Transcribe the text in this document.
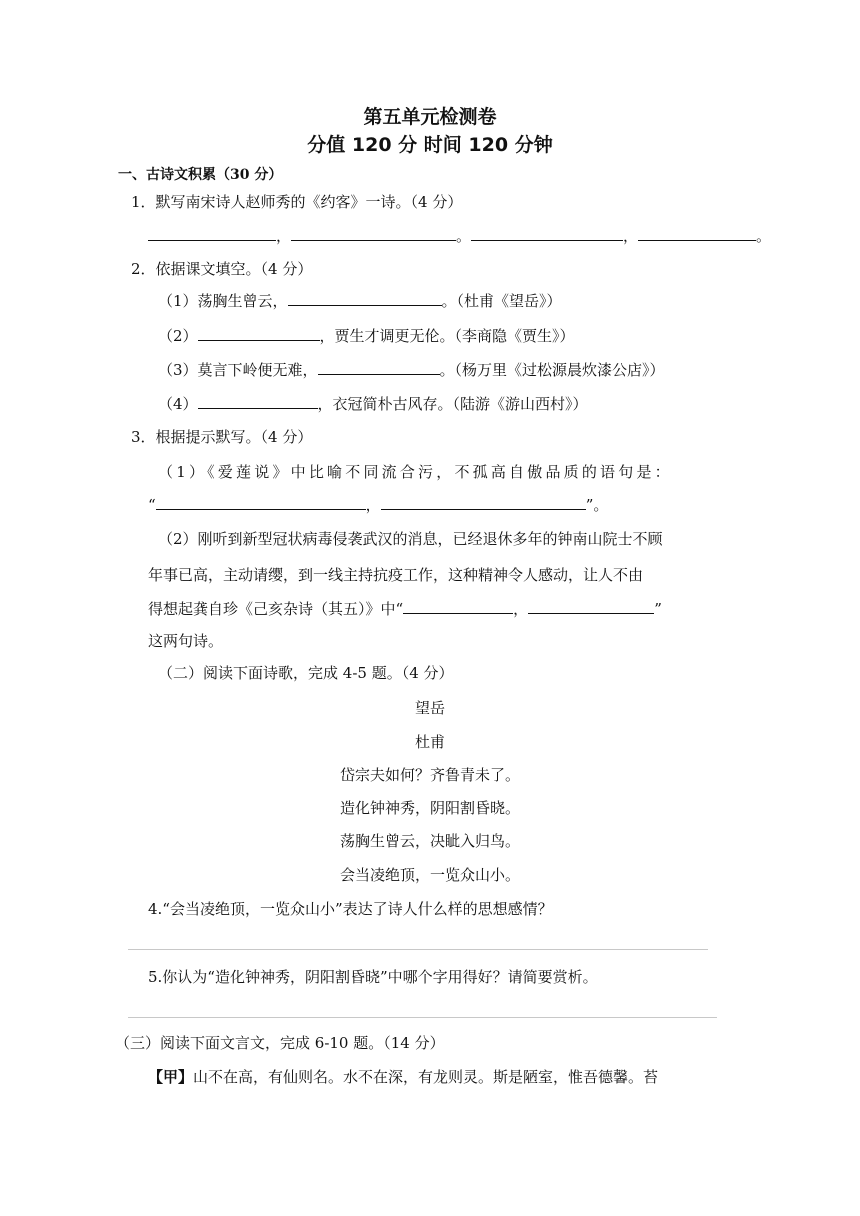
第五单元检测卷
分值 120 分 时间 120 分钟
一、古诗文积累（30 分）
1．默写南宋诗人赵师秀的《约客》一诗。（4 分）
，	。	，	。
2．依据课文填空。（4 分）
（1）荡胸生曾云，	。（杜甫《望岳》）
（2）	，贾生才调更无伦。（李商隐《贾生》）
（3）莫言下岭便无难，	。（杨万里《过松源晨炊漆公店》）
（4）	，衣冠简朴古风存。（陆游《游山西村》）
3．根据提示默写。（4 分）
（1）《爱莲说》中比喻不同流合污，不孤高自傲品质的语句是：
“	，	”。
（2）刚听到新型冠状病毒侵袭武汉的消息，已经退休多年的钟南山院士不顾
年事已高，主动请缨，到一线主持抗疫工作，这种精神令人感动，让人不由
得想起龚自珍《己亥杂诗（其五）》中“	，	”
这两句诗。
（二）阅读下面诗歌，完成 4-5 题。（4 分）
望岳
杜甫
岱宗夫如何？齐鲁青未了。
造化钟神秀，阴阳割昏晓。
荡胸生曾云，决眦入归鸟。
会当凌绝顶，一览众山小。
4.“会当凌绝顶，一览众山小”表达了诗人什么样的思想感情？
5.你认为“造化钟神秀，阴阳割昏晓”中哪个字用得好？请简要赏析。
（三）阅读下面文言文，完成 6-10 题。（14 分）
【甲】山不在高，有仙则名。水不在深，有龙则灵。斯是陋室，惟吾德馨。苔
